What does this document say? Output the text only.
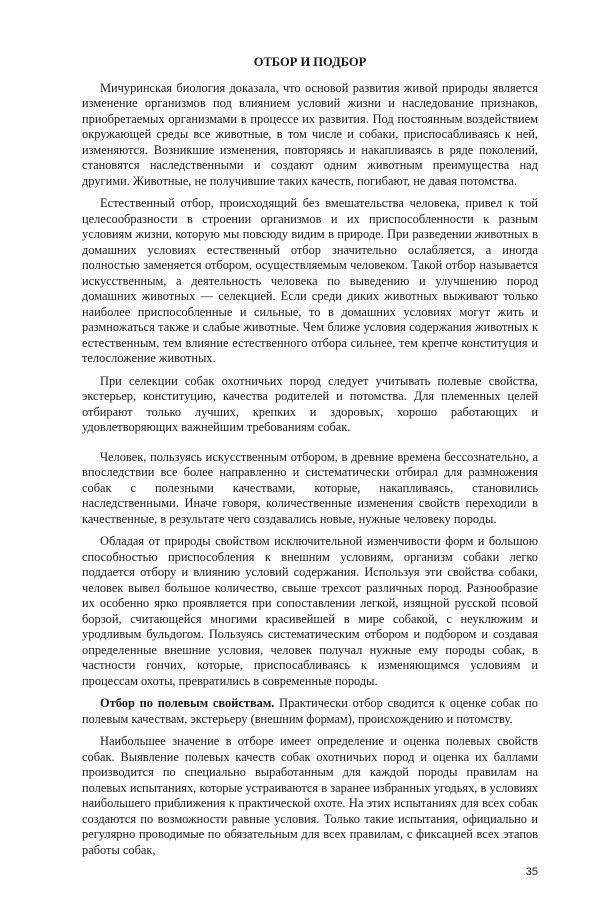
ОТБОР И ПОДБОР

Мичуринская биология доказала, что основой развития живой природы является изменение организмов под влиянием условий жизни и наследование признаков, приобретаемых организмами в процессе их развития. Под постоянным воздействием окружающей среды все животные, в том числе и собаки, приспосабливаясь к ней, изменяются. Возникшие изменения, повторяясь и накапливаясь в ряде поколений, становятся наследственными и создают одним животным преимущества над другими. Животные, не получившие таких качеств, погибают, не давая потомства.

Естественный отбор, происходящий без вмешательства человека, привел к той целесообразности в строении организмов и их приспособленности к разным условиям жизни, которую мы повсюду видим в природе. При разведении животных в домашних условиях естественный отбор значительно ослабляется, а иногда полностью заменяется отбором, осуществляемым человеком. Такой отбор называется искусственным, а деятельность человека по выведению и улучшению пород домашних животных — селекцией. Если среди диких животных выживают только наиболее приспособленные и сильные, то в домашних условиях могут жить и размножаться также и слабые животные. Чем ближе условия содержания животных к естественным, тем влияние естественного отбора сильнее, тем крепче конституция и телосложение животных.

При селекции собак охотничьих пород следует учитывать полевые свойства, экстерьер, конституцию, качества родителей и потомства. Для племенных целей отбирают только лучших, крепких и здоровых, хорошо работающих и удовлетворяющих важнейшим требованиям собак.

Человек, пользуясь искусственным отбором, в древние времена бессознательно, а впоследствии все более направленно и систематически отбирал для размножения собак с полезными качествами, которые, накапливаясь, становились наследственными. Иначе говоря, количественные изменения свойств переходили в качественные, в результате чего создавались новые, нужные человеку породы.

Обладая от природы свойством исключительной изменчивости форм и большою способностью приспособления к внешним условиям, организм собаки легко поддается отбору и влиянию условий содержания. Используя эти свойства собаки, человек вывел большое количество, свыше трехсот различных пород. Разнообразие их особенно ярко проявляется при сопоставлении легкой, изящной русской псовой борзой, считающейся многими красивейшей в мире собакой, с неуклюжим и уродливым бульдогом. Пользуясь систематическим отбором и подбором и создавая определенные внешние условия, человек получал нужные ему породы собак, в частности гончих, которые, приспосабливаясь к изменяющимся условиям и процессам охоты, превратились в современные породы.

Отбор по полевым свойствам. Практически отбор сводится к оценке собак по полевым качествам, экстерьеру (внешним формам), происхождению и потомству.

Наибольшее значение в отборе имеет определение и оценка полевых свойств собак. Выявление полевых качеств собак охотничьих пород и оценка их баллами производится по специально выработанным для каждой породы правилам на полевых испытаниях, которые устраиваются в заранее избранных угодьях, в условиях наибольшего приближения к практической охоте. На этих испытаниях для всех собак создаются по возможности равные условия. Только такие испытания, официально и регулярно проводимые по обязательным для всех правилам, с фиксацией всех этапов работы собак,

35
